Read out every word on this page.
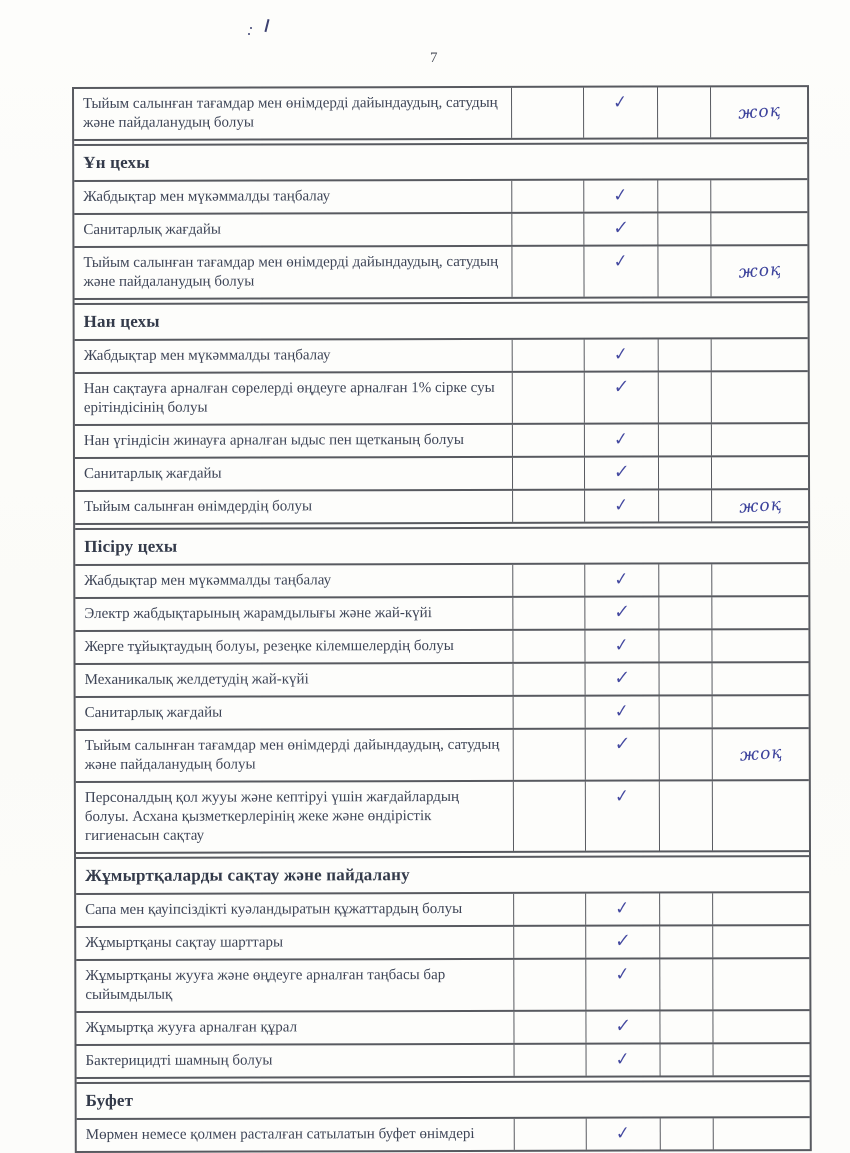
7
Тыйым салынған тағамдар мен өнімдерді дайындаудың, сатудың
және пайдаланудың болуы
✓	жоқ
Ұн цехы
Жабдықтар мен мүкәммалды таңбалау	✓
Санитарлық жағдайы	✓
Тыйым салынған тағамдар мен өнімдерді дайындаудың, сатудың
және пайдаланудың болуы
✓	жоқ
Нан цехы
Жабдықтар мен мүкәммалды таңбалау	✓
Нан сақтауға арналған сөрелерді өңдеуге арналған 1% сірке суы
ерітіндісінің болуы
✓
Нан үгіндісін жинауға арналған ыдыс пен щетканың болуы	✓
Санитарлық жағдайы	✓
Тыйым салынған өнімдердің болуы	✓	жоқ
Пісіру цехы
Жабдықтар мен мүкәммалды таңбалау	✓
Электр жабдықтарының жарамдылығы және жай-күйі	✓
Жерге тұйықтаудың болуы, резеңке кілемшелердің болуы	✓
Механикалық желдетудің жай-күйі	✓
Санитарлық жағдайы	✓
Тыйым салынған тағамдар мен өнімдерді дайындаудың, сатудың
және пайдаланудың болуы
✓	жоқ
Персоналдың қол жууы және кептіруі үшін жағдайлардың
болуы. Асхана қызметкерлерінің жеке және өндірістік
гигиенасын сақтау
✓
Жұмыртқаларды сақтау және пайдалану
Сапа мен қауіпсіздікті куәландыратын құжаттардың болуы	✓
Жұмыртқаны сақтау шарттары	✓
Жұмыртқаны жууға және өңдеуге арналған таңбасы бар
сыйымдылық
✓
Жұмыртқа жууға арналған құрал	✓
Бактерицидті шамның болуы	✓
Буфет
Мөрмен немесе қолмен расталған сатылатын буфет өнімдері	✓
